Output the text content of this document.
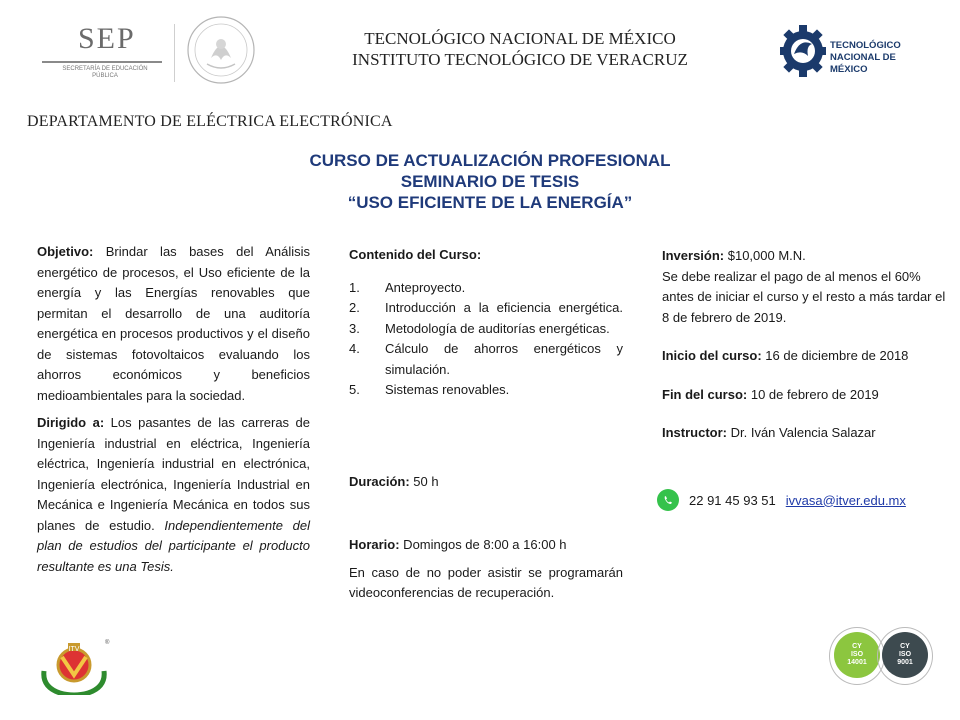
SEP
SECRETARÍA DE EDUCACIÓN PÚBLICA
TECNOLÓGICO NACIONAL DE MÉXICO
INSTITUTO TECNOLÓGICO DE VERACRUZ
TECNOLÓGICO
NACIONAL DE MÉXICO
DEPARTAMENTO DE ELÉCTRICA ELECTRÓNICA
CURSO DE ACTUALIZACIÓN PROFESIONAL
SEMINARIO DE TESIS
“USO EFICIENTE DE LA ENERGÍA”

Objetivo: Brindar las bases del Análisis energético de procesos, el Uso eficiente de la energía y las Energías renovables que permitan el desarrollo de una auditoría energética en procesos productivos y el diseño de sistemas fotovoltaicos evaluando los ahorros económicos y beneficios medioambientales para la sociedad.

Dirigido a: Los pasantes de las carreras de Ingeniería industrial en eléctrica, Ingeniería eléctrica, Ingeniería industrial en electrónica, Ingeniería electrónica, Ingeniería Industrial en Mecánica e Ingeniería Mecánica en todos sus planes de estudio. Independientemente del plan de estudios del participante el producto resultante es una Tesis.

Contenido del Curso:
1.	Anteproyecto.
2.	Introducción a la eficiencia energética.
3.	Metodología de auditorías energéticas.
4.	Cálculo de ahorros energéticos y simulación.
5.	Sistemas renovables.
Duración: 50 h
Horario: Domingos de 8:00 a 16:00 h
En caso de no poder asistir se programarán videoconferencias de recuperación.
Inversión: $10,000 M.N.
Se debe realizar el pago de al menos el 60% antes de iniciar el curso y el resto a más tardar el 8 de febrero de 2019.
Inicio del curso: 16 de diciembre de 2018
Fin del curso: 10 de febrero de 2019
Instructor: Dr. Iván Valencia Salazar
22 91 45 93 51 ivvasa@itver.edu.mx
ITV
®	CY
ISO
14001
CY
ISO
9001
